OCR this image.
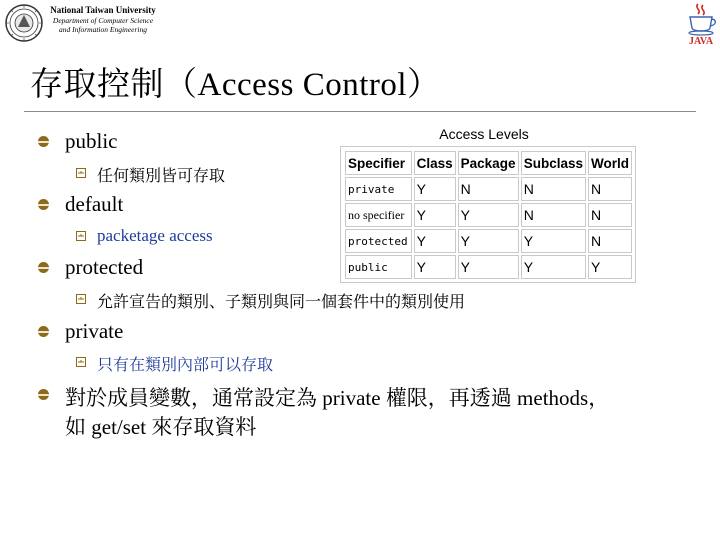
National Taiwan University
Department of Computer Science
and Information Engineering
JAVA
存取控制（Access Control）
public
任何類別皆可存取
default
packetage access
protected
允許宣告的類別、子類別與同一個套件中的類別使用
private
只有在類別內部可以存取
對於成員變數，通常設定為 private 權限，再透過 methods，
如 get/set 來存取資料
Access Levels
Specifier	Class	Package	Subclass	World
private	Y	N	N	N
no specifier	Y	Y	N	N
protected	Y	Y	Y	N
public	Y	Y	Y	Y
